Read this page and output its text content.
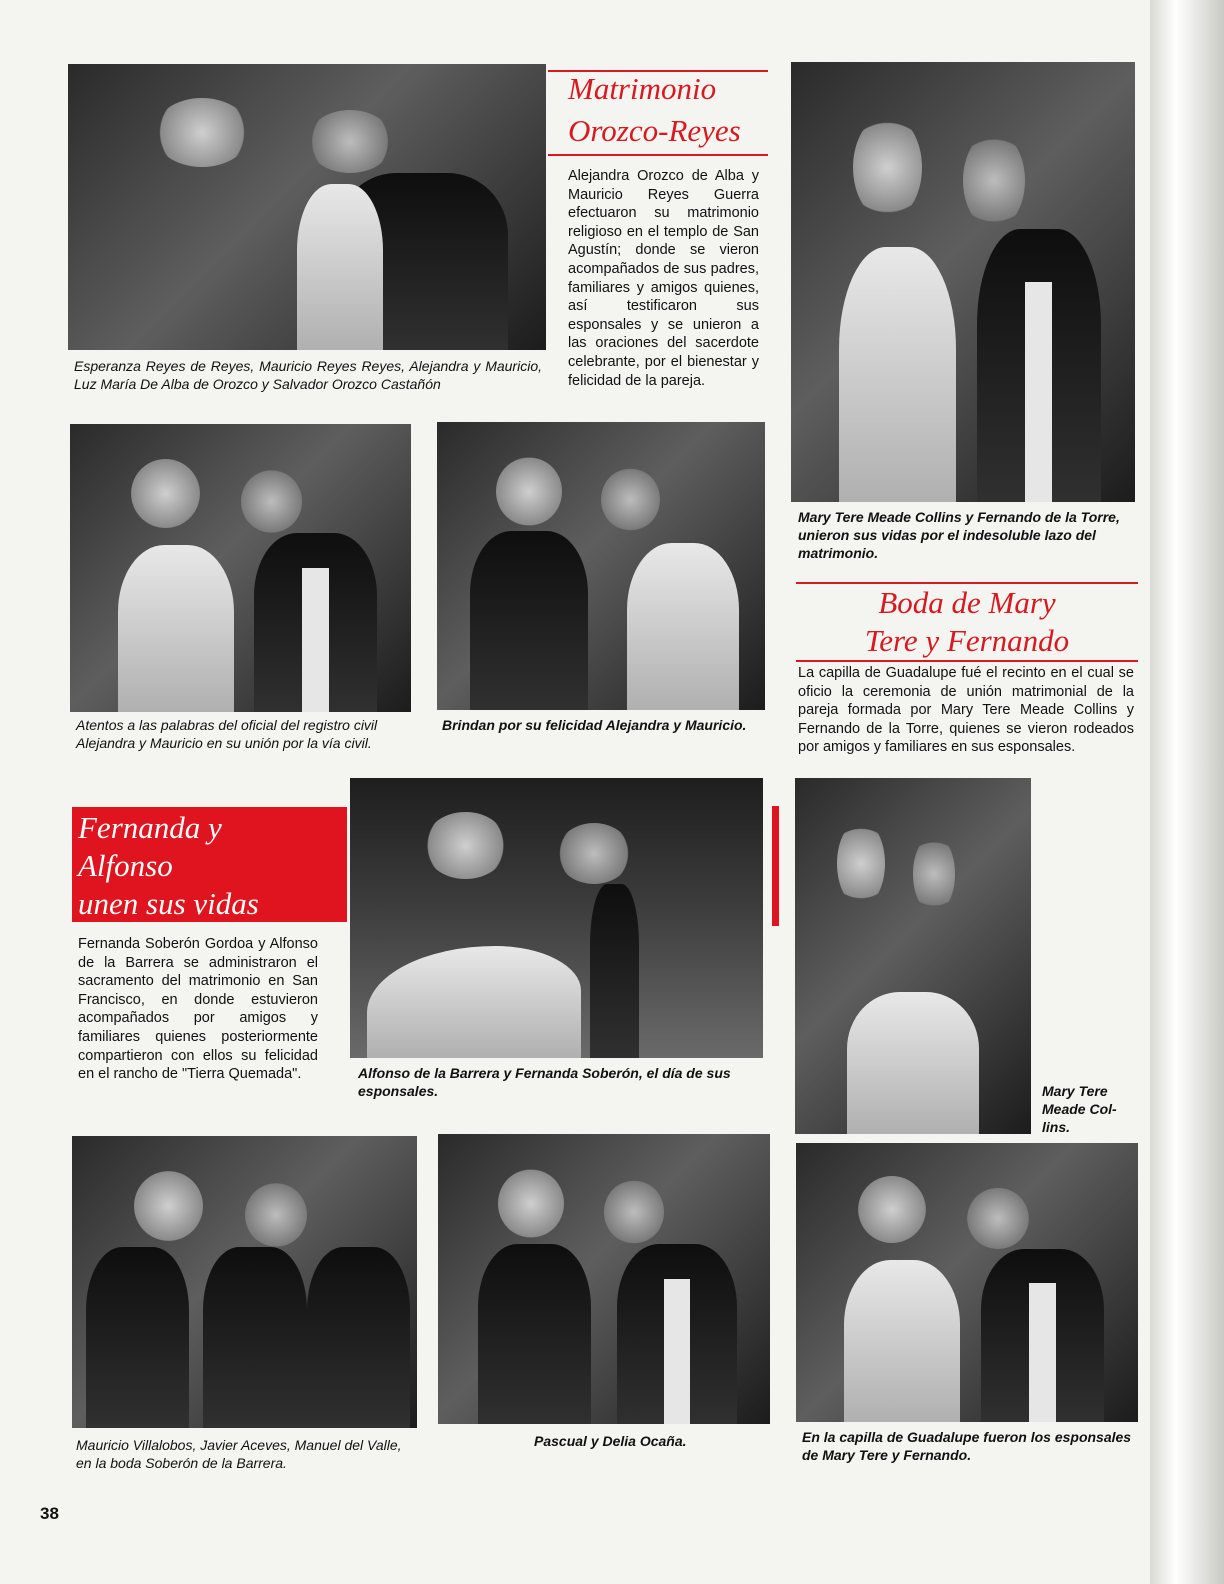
Esperanza Reyes de Reyes, Mauricio Reyes Reyes, Alejandra y Mauricio, Luz María De Alba de Orozco y Salvador Orozco Castañón
Matrimonio
Orozco-Reyes
Alejandra Orozco de Alba y Mauricio Reyes Guerra efectuaron su matrimonio religioso en el templo de San Agustín; donde se vieron acompañados de sus padres, familiares y amigos quienes, así testificaron sus esponsales y se unieron a las oraciones del sacerdote celebrante, por el bienestar y felicidad de la pareja.
Atentos a las palabras del oficial del registro civil Alejandra y Mauricio en su unión por la vía civil.
Brindan por su felicidad Alejandra y Mauricio.
Mary Tere Meade Collins y Fernando de la Torre, unieron sus vidas por el indesoluble lazo del matrimonio.
Boda de Mary
Tere y Fernando
La capilla de Guadalupe fué el recinto en el cual se oficio la ceremonia de unión matrimonial de la pareja formada por Mary Tere Meade Collins y Fernando de la Torre, quienes se vieron rodeados por amigos y familiares en sus esponsales.
Mary Tere
Meade Col-
lins.
En la capilla de Guadalupe fueron los esponsales de Mary Tere y Fernando.
Fernanda y
Alfonso
unen sus vidas
Fernanda Soberón Gordoa y Alfonso de la Barrera se administraron el sacramento del matrimonio en San Francisco, en donde estuvieron acompañados por amigos y familiares quienes posteriormente compartieron con ellos su felicidad en el rancho de "Tierra Quemada".	Alfonso de la Barrera y Fernanda Soberón, el día de sus esponsales.
Mauricio Villalobos, Javier Aceves, Manuel del Valle, en la boda Soberón de la Barrera.
Pascual y Delia Ocaña.
38
